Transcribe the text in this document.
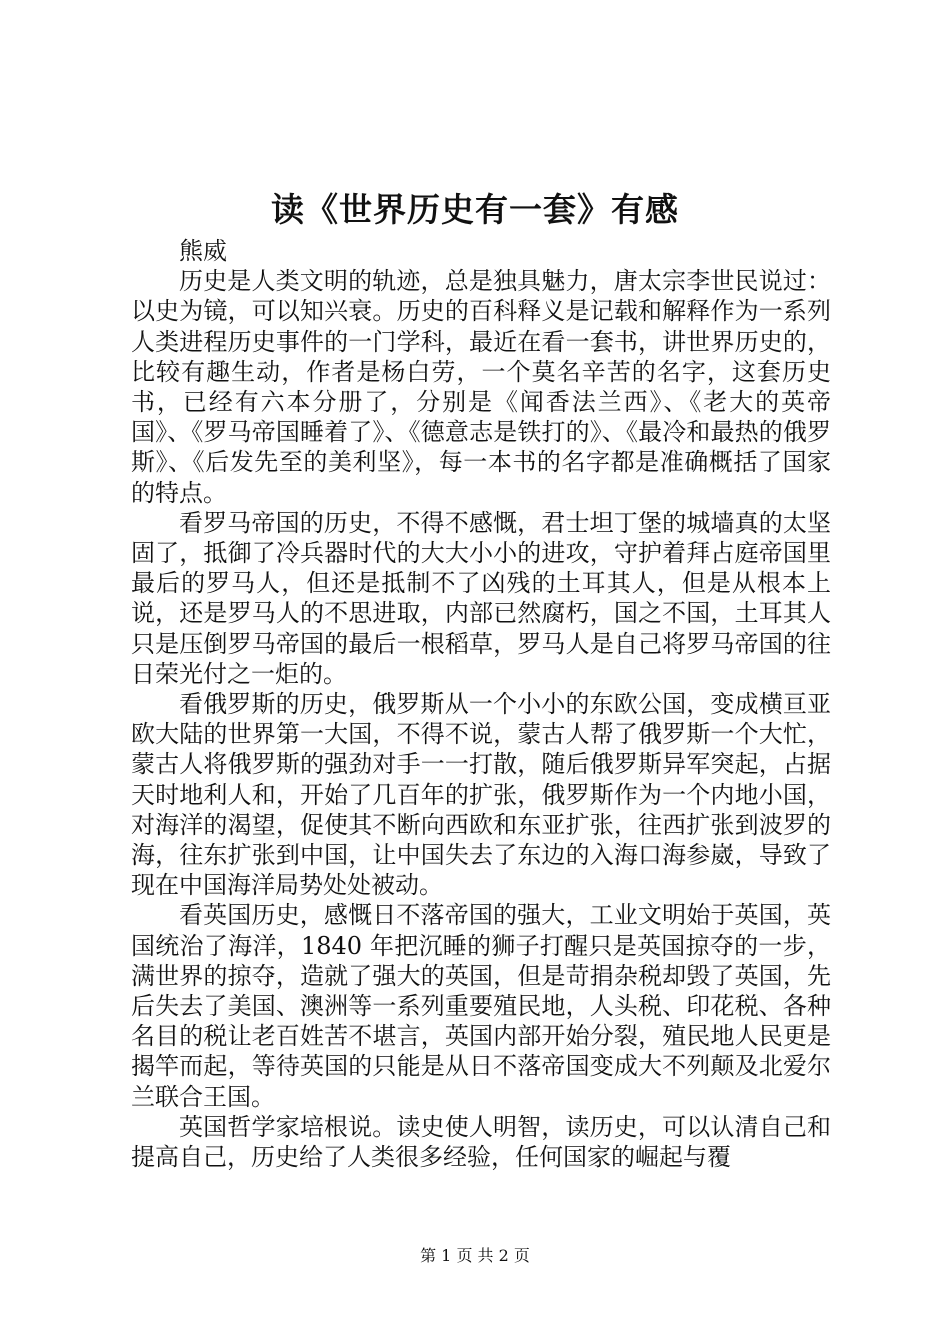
读《世界历史有一套》有感
熊威

历史是人类文明的轨迹，总是独具魅力，唐太宗李世民说过：以史为镜，可以知兴衰。历史的百科释义是记载和解释作为一系列人类进程历史事件的一门学科，最近在看一套书，讲世界历史的，比较有趣生动，作者是杨白劳，一个莫名辛苦的名字，这套历史书，已经有六本分册了，分别是《闻香法兰西》、《老大的英帝国》、《罗马帝国睡着了》、《德意志是铁打的》、《最冷和最热的俄罗斯》、《后发先至的美利坚》，每一本书的名字都是准确概括了国家的特点。

看罗马帝国的历史，不得不感慨，君士坦丁堡的城墙真的太坚固了，抵御了冷兵器时代的大大小小的进攻，守护着拜占庭帝国里最后的罗马人，但还是抵制不了凶残的土耳其人，但是从根本上说，还是罗马人的不思进取，内部已然腐朽，国之不国，土耳其人只是压倒罗马帝国的最后一根稻草，罗马人是自己将罗马帝国的往日荣光付之一炬的。

看俄罗斯的历史，俄罗斯从一个小小的东欧公国，变成横亘亚欧大陆的世界第一大国，不得不说，蒙古人帮了俄罗斯一个大忙，蒙古人将俄罗斯的强劲对手一一打散，随后俄罗斯异军突起，占据天时地利人和，开始了几百年的扩张，俄罗斯作为一个内地小国，对海洋的渴望，促使其不断向西欧和东亚扩张，往西扩张到波罗的海，往东扩张到中国，让中国失去了东边的入海口海参崴，导致了现在中国海洋局势处处被动。

看英国历史，感慨日不落帝国的强大，工业文明始于英国，英国统治了海洋，1840 年把沉睡的狮子打醒只是英国掠夺的一步，满世界的掠夺，造就了强大的英国，但是苛捐杂税却毁了英国，先后失去了美国、澳洲等一系列重要殖民地，人头税、印花税、各种名目的税让老百姓苦不堪言，英国内部开始分裂，殖民地人民更是揭竿而起，等待英国的只能是从日不落帝国变成大不列颠及北爱尔兰联合王国。

英国哲学家培根说。读史使人明智，读历史，可以认清自己和提高自己，历史给了人类很多经验，任何国家的崛起与覆

第 1 页 共 2 页
